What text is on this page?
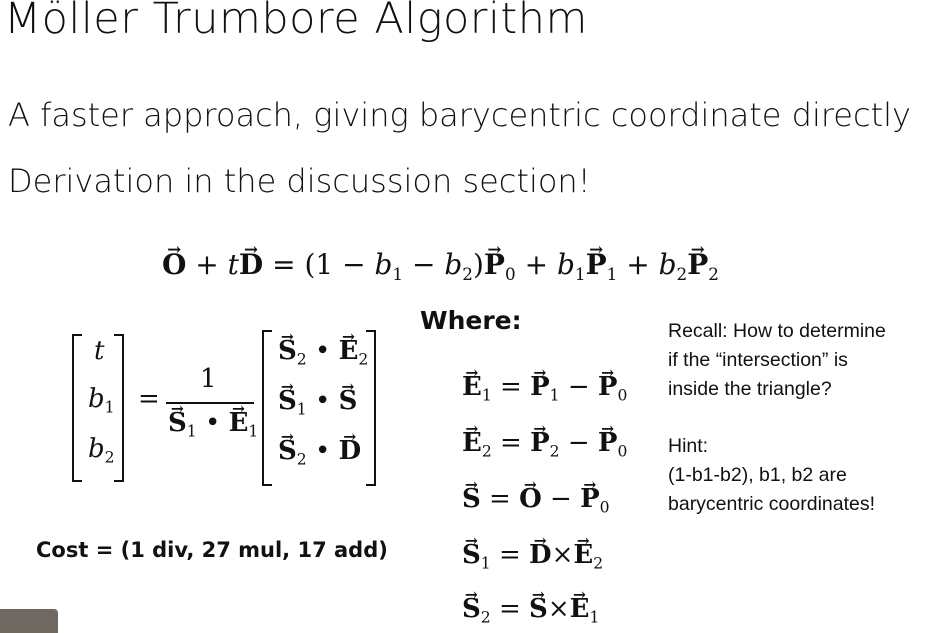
Möller Trumbore Algorithm
A faster approach, giving barycentric coordinate directly
Derivation in the discussion section!
→ $O + t\to D = (1 - b_1 - b_2)\to P_0 + b_1\to P_1 + b_2\to P_2$
t
$b_1$
$b_2$
=
1
→ $S_1$ • → $E_1$
→ $S_2$ • → $E_2$
→ $S_1$ • → S
→ $S_2$ • → D
Where:
→ $E_1$ = → $P_1$ − → $P_0$
→ $E_2$ = → $P_2$ − → $P_0$
→ S = → O − → $P_0$
→ $S_1$ = → $D\times\to E_2$
→ $S_2$ = → $S\times\to E_1$
Cost = (1 div, 27 mul, 17 add)
Recall: How to determine
if the “intersection” is
inside the triangle?
Hint:
(1-b1-b2), b1, b2 are
barycentric coordinates!
